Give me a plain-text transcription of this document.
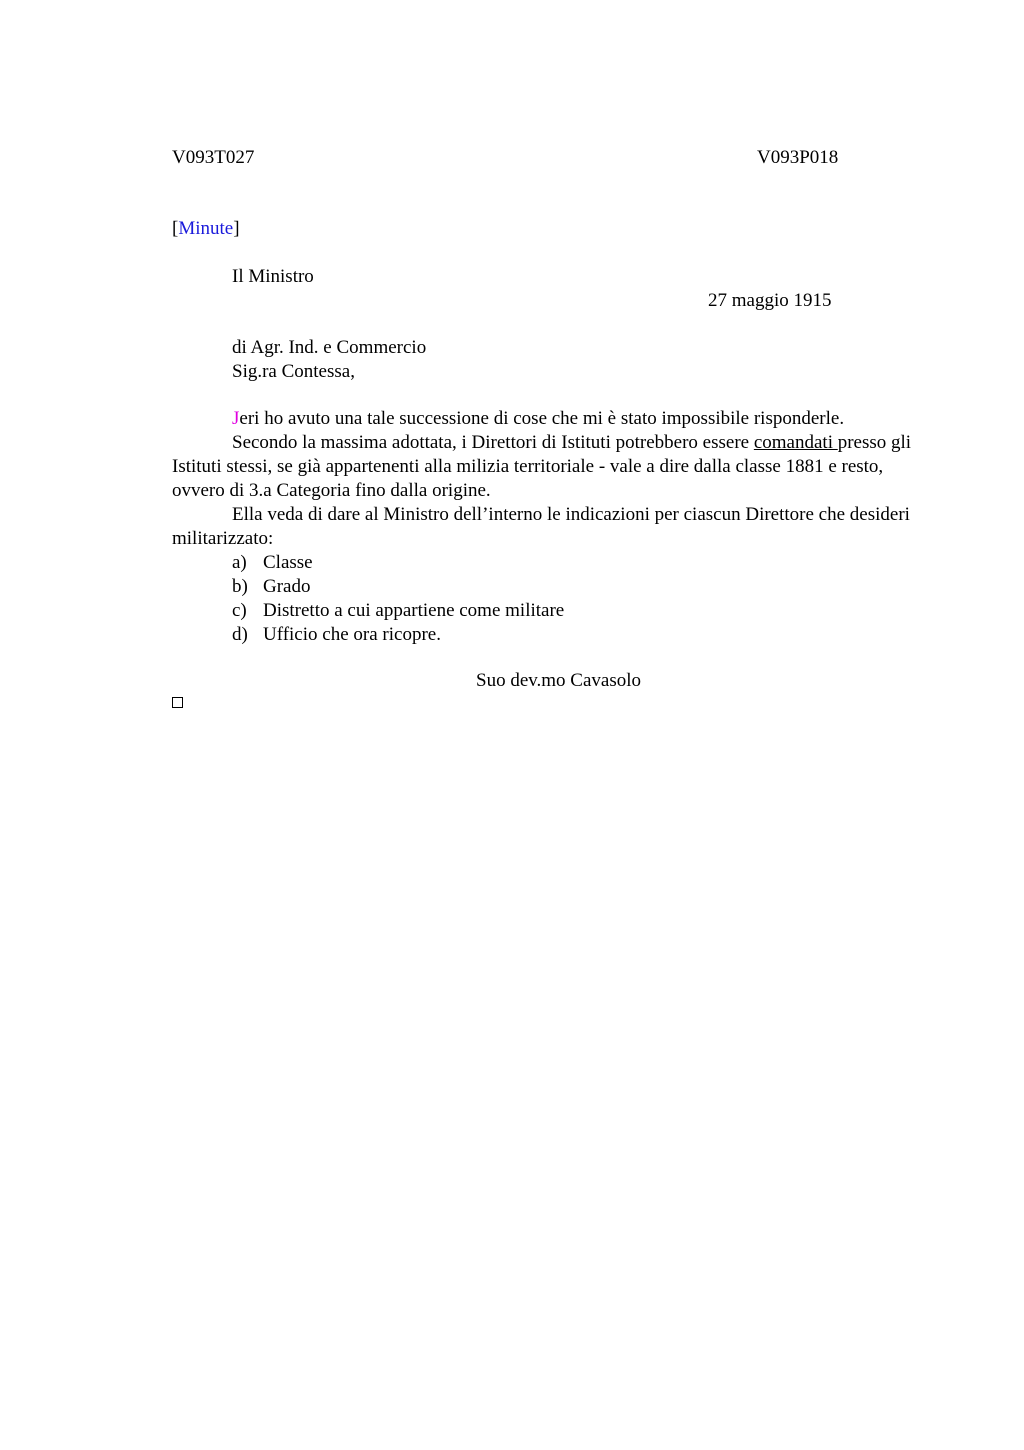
V093T027	V093P018
[Minute]
Il Ministro
27 maggio 1915
di Agr. Ind. e Commercio
Sig.ra Contessa,

Jeri ho avuto una tale successione di cose che mi è stato impossibile risponderle.

Secondo la massima adottata, i Direttori di Istituti potrebbero essere comandati presso gli Istituti stessi, se già appartenenti alla milizia territoriale - vale a dire dalla classe 1881 e resto, ovvero di 3.a Categoria fino dalla origine.

Ella veda di dare al Ministro dell’interno le indicazioni per ciascun Direttore che desideri militarizzato:

a) Classe
b) Grado
c) Distretto a cui appartiene come militare
d) Ufficio che ora ricopre.
Suo dev.mo Cavasolo
